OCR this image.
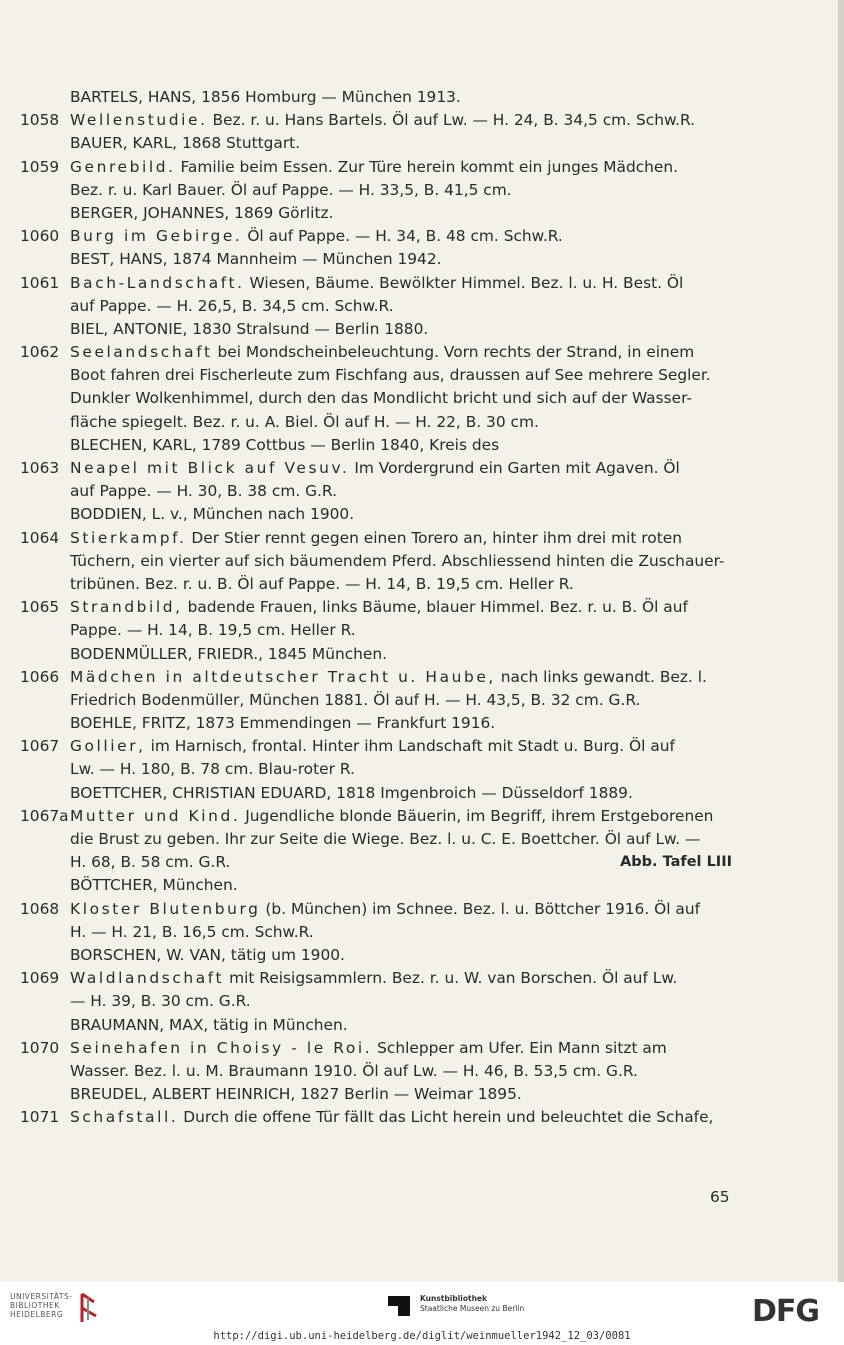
BARTELS, HANS, 1856 Homburg — München 1913.
1058 Wellenstudie. Bez. r. u. Hans Bartels. Öl auf Lw. — H. 24, B. 34,5 cm. Schw.R.
BAUER, KARL, 1868 Stuttgart.
1059 Genrebild. Familie beim Essen. Zur Türe herein kommt ein junges Mädchen.
Bez. r. u. Karl Bauer. Öl auf Pappe. — H. 33,5, B. 41,5 cm.
BERGER, JOHANNES, 1869 Görlitz.
1060 Burg im Gebirge. Öl auf Pappe. — H. 34, B. 48 cm. Schw.R.
BEST, HANS, 1874 Mannheim — München 1942.
1061 Bach-Landschaft. Wiesen, Bäume. Bewölkter Himmel. Bez. l. u. H. Best. Öl
auf Pappe. — H. 26,5, B. 34,5 cm. Schw.R.
BIEL, ANTONIE, 1830 Stralsund — Berlin 1880.
1062 Seelandschaft bei Mondscheinbeleuchtung. Vorn rechts der Strand, in einem
Boot fahren drei Fischerleute zum Fischfang aus, draussen auf See mehrere Segler.
Dunkler Wolkenhimmel, durch den das Mondlicht bricht und sich auf der Wasser-
fläche spiegelt. Bez. r. u. A. Biel. Öl auf H. — H. 22, B. 30 cm.
BLECHEN, KARL, 1789 Cottbus — Berlin 1840, Kreis des
1063 Neapel mit Blick auf Vesuv. Im Vordergrund ein Garten mit Agaven. Öl
auf Pappe. — H. 30, B. 38 cm. G.R.
BODDIEN, L. v., München nach 1900.
1064 Stierkampf. Der Stier rennt gegen einen Torero an, hinter ihm drei mit roten
Tüchern, ein vierter auf sich bäumendem Pferd. Abschliessend hinten die Zuschauer-
tribünen. Bez. r. u. B. Öl auf Pappe. — H. 14, B. 19,5 cm. Heller R.
1065 Strandbild, badende Frauen, links Bäume, blauer Himmel. Bez. r. u. B. Öl auf
Pappe. — H. 14, B. 19,5 cm. Heller R.
BODENMÜLLER, FRIEDR., 1845 München.
1066 Mädchen in altdeutscher Tracht u. Haube, nach links gewandt. Bez. l.
Friedrich Bodenmüller, München 1881. Öl auf H. — H. 43,5, B. 32 cm. G.R.
BOEHLE, FRITZ, 1873 Emmendingen — Frankfurt 1916.
1067 Gollier, im Harnisch, frontal. Hinter ihm Landschaft mit Stadt u. Burg. Öl auf
Lw. — H. 180, B. 78 cm. Blau-roter R.
BOETTCHER, CHRISTIAN EDUARD, 1818 Imgenbroich — Düsseldorf 1889.
1067a Mutter und Kind. Jugendliche blonde Bäuerin, im Begriff, ihrem Erstgeborenen
die Brust zu geben. Ihr zur Seite die Wiege. Bez. l. u. C. E. Boettcher. Öl auf Lw. —
H. 68, B. 58 cm. G.R.	Abb. Tafel LIII
BÖTTCHER, München.
1068 Kloster Blutenburg (b. München) im Schnee. Bez. l. u. Böttcher 1916. Öl auf
H. — H. 21, B. 16,5 cm. Schw.R.
BORSCHEN, W. VAN, tätig um 1900.
1069 Waldlandschaft mit Reisigsammlern. Bez. r. u. W. van Borschen. Öl auf Lw.
— H. 39, B. 30 cm. G.R.
BRAUMANN, MAX, tätig in München.
1070 Seinehafen in Choisy - le Roi. Schlepper am Ufer. Ein Mann sitzt am
Wasser. Bez. l. u. M. Braumann 1910. Öl auf Lw. — H. 46, B. 53,5 cm. G.R.
BREUDEL, ALBERT HEINRICH, 1827 Berlin — Weimar 1895.
1071 Schafstall. Durch die offene Tür fällt das Licht herein und beleuchtet die Schafe,
65
UNIVERSITÄTS-
BIBLIOTHEK
HEIDELBERG
Kunstbibliothek
Staatliche Museen zu Berlin	DFG
http://digi.ub.uni-heidelberg.de/diglit/weinmueller1942_12_03/0081
